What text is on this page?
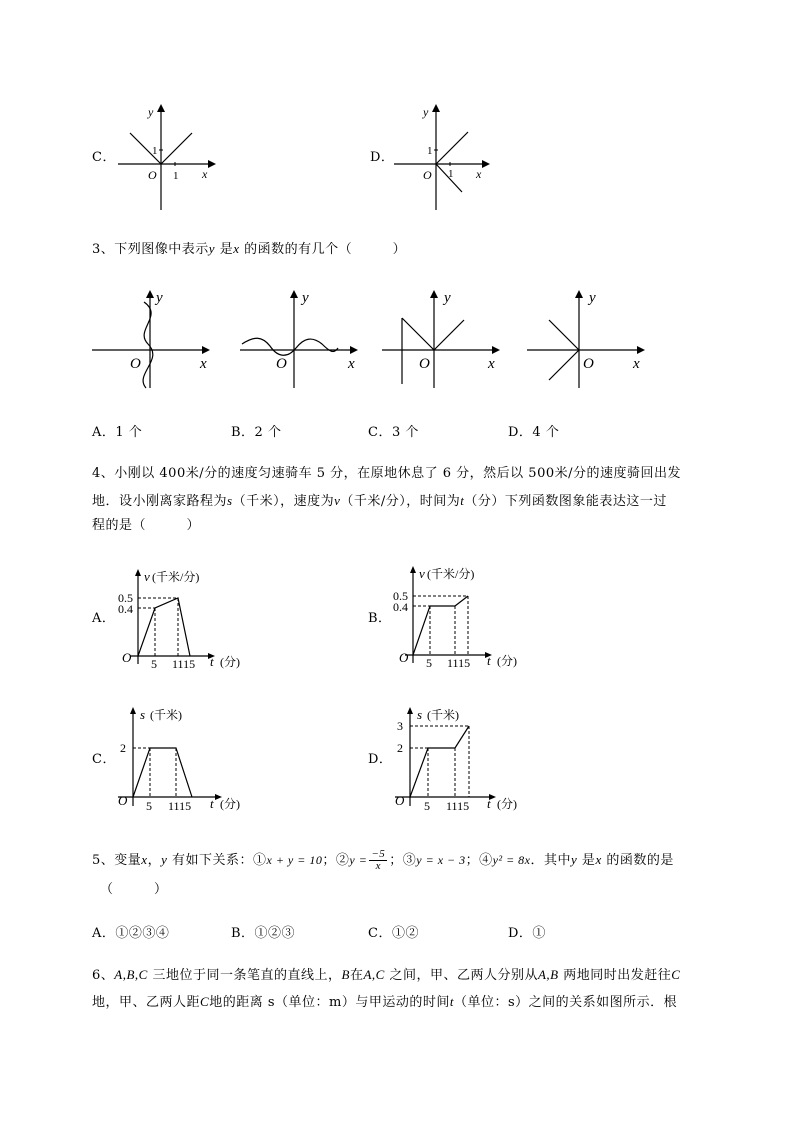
C．
y
x
O 1
1	D．
y
x
O 1
1
3、下列图像中表示y 是x 的函数的有几个（　　　）
y
x
O
y
x
O
y
x
O
y
x
O
A．1 个	B．2 个	C．3 个	D．4 个
4、小刚以 400米/分的速度匀速骑车 5 分，在原地休息了 6 分，然后以 500米/分的速度骑回出发
地．设小刚离家路程为s（千米），速度为v（千米/分），时间为t（分）下列函数图象能表达这一过
程的是（　　　）
A．
v (千米/分)
0.5
0.4
O 5 1115 t (分)
B．
v (千米/分)
0.5
0.4
O 5 1115 t (分)
C．
s (千米)
2
O 5 1115 t (分)
D．
s (千米)
3
2
O 5 1115 t (分)
5、变量x，y 有如下关系：①x + y = 10；②y = $\frac{-5}{x}$ ；③y = x − 3；④y² = 8x．其中y 是x 的函数的是
（　　　）
A．①②③④	B．①②③	C．①②	D．①
6、A,B,C 三地位于同一条笔直的直线上，B在A,C 之间，甲、乙两人分别从A,B 两地同时出发赶往C
地，甲、乙两人距C地的距离 s（单位：m）与甲运动的时间t（单位：s）之间的关系如图所示．根
